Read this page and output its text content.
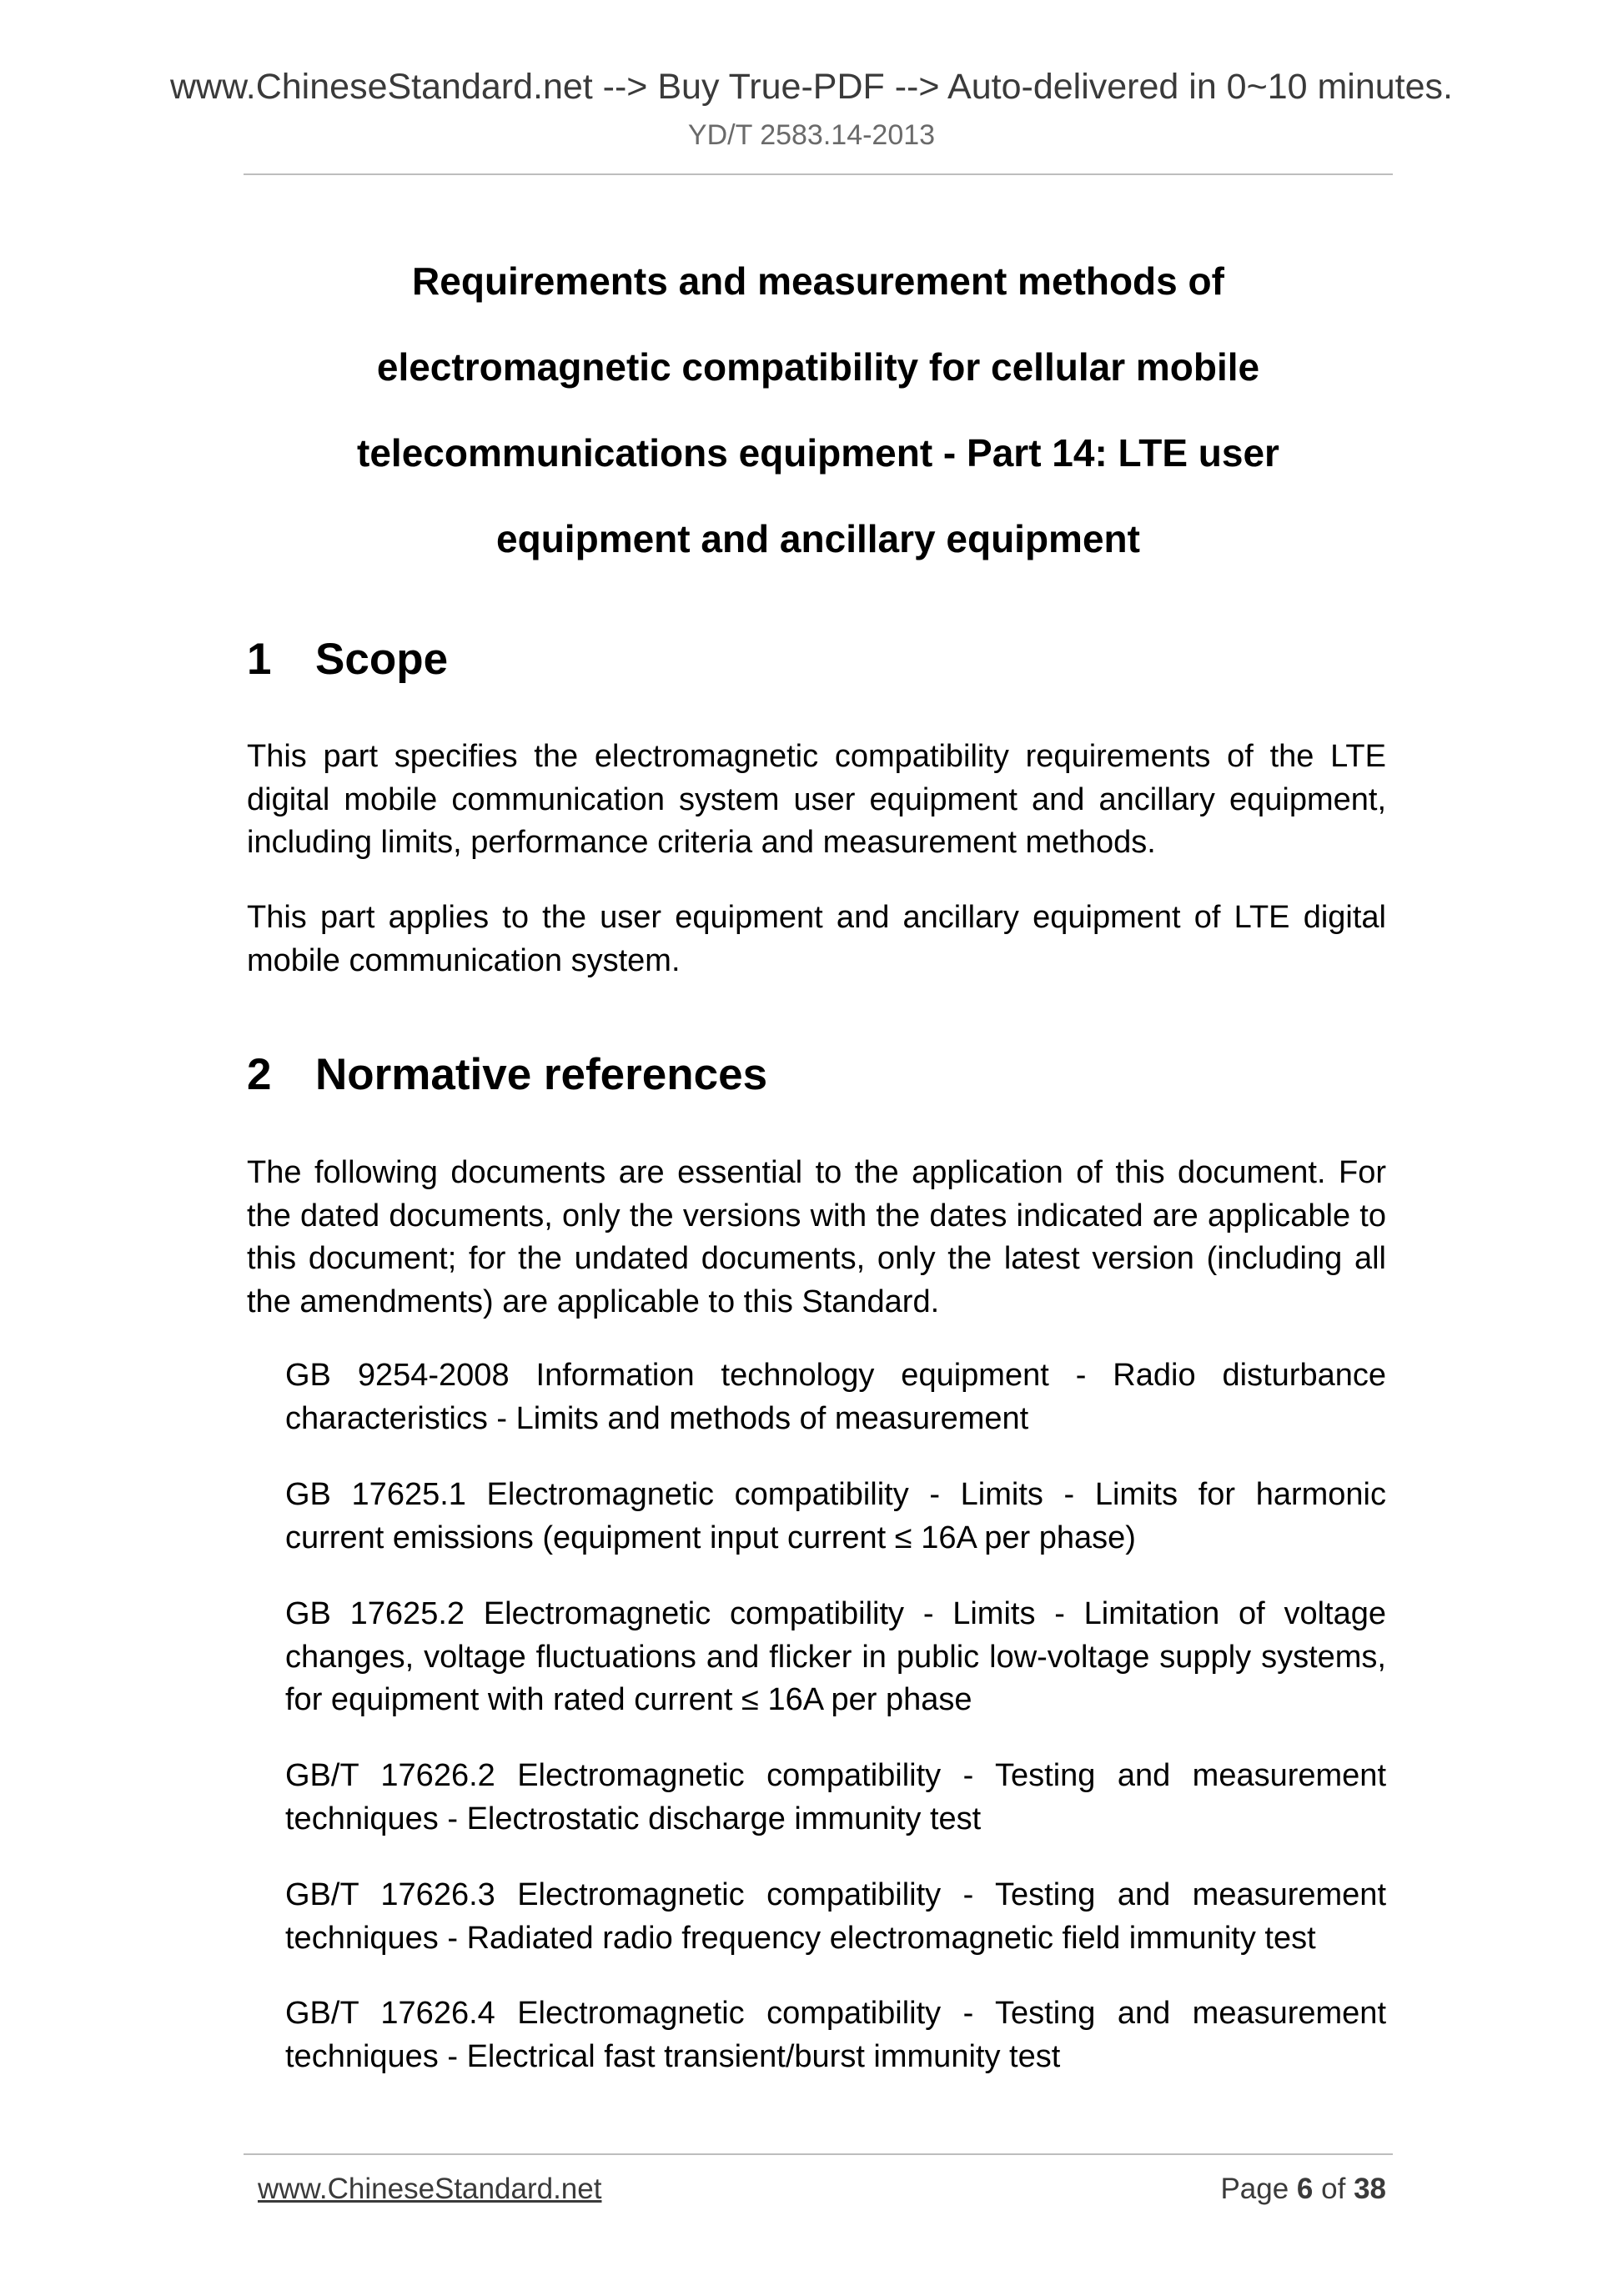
www.ChineseStandard.net --> Buy True-PDF --> Auto-delivered in 0~10 minutes.
YD/T 2583.14-2013
Requirements and measurement methods of
electromagnetic compatibility for cellular mobile
telecommunications equipment - Part 14: LTE user
equipment and ancillary equipment
1 Scope

This part specifies the electromagnetic compatibility requirements of the LTE digital mobile communication system user equipment and ancillary equipment, including limits, performance criteria and measurement methods.

This part applies to the user equipment and ancillary equipment of LTE digital mobile communication system.

2 Normative references

The following documents are essential to the application of this document. For the dated documents, only the versions with the dates indicated are applicable to this document; for the undated documents, only the latest version (including all the amendments) are applicable to this Standard.

GB 9254-2008 Information technology equipment - Radio disturbance characteristics - Limits and methods of measurement

GB 17625.1 Electromagnetic compatibility - Limits - Limits for harmonic current emissions (equipment input current ≤ 16A per phase)

GB 17625.2 Electromagnetic compatibility - Limits - Limitation of voltage changes, voltage fluctuations and flicker in public low-voltage supply systems, for equipment with rated current ≤ 16A per phase

GB/T 17626.2 Electromagnetic compatibility - Testing and measurement techniques - Electrostatic discharge immunity test

GB/T 17626.3 Electromagnetic compatibility - Testing and measurement techniques - Radiated radio frequency electromagnetic field immunity test

GB/T 17626.4 Electromagnetic compatibility - Testing and measurement techniques - Electrical fast transient/burst immunity test

www.ChineseStandard.net	Page 6 of 38
